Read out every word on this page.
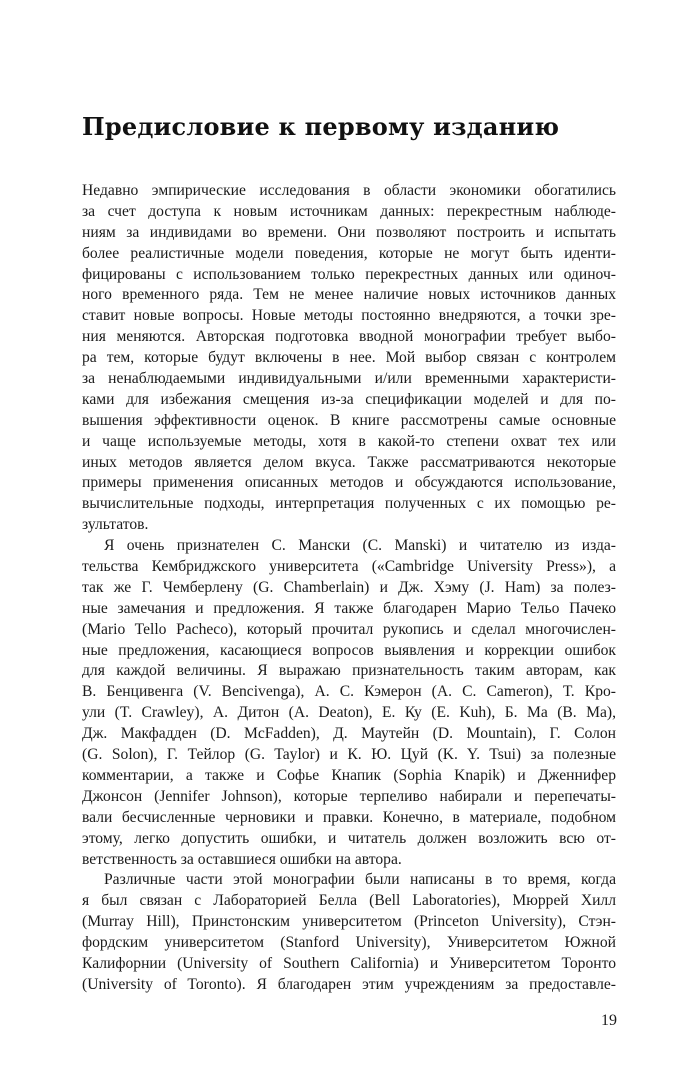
Предисловие к первому изданию

Недавно эмпирические исследования в области экономики обогатились
за счет доступа к новым источникам данных: перекрестным наблюде-
ниям за индивидами во времени. Они позволяют построить и испытать
более реалистичные модели поведения, которые не могут быть иденти-
фицированы с использованием только перекрестных данных или одиноч-
ного временного ряда. Тем не менее наличие новых источников данных
ставит новые вопросы. Новые методы постоянно внедряются, а точки зре-
ния меняются. Авторская подготовка вводной монографии требует выбо-
ра тем, которые будут включены в нее. Мой выбор связан с контролем
за ненаблюдаемыми индивидуальными и/или временными характеристи-
ками для избежания смещения из-за спецификации моделей и для по-
вышения эффективности оценок. В книге рассмотрены самые основные
и чаще используемые методы, хотя в какой-то степени охват тех или
иных методов является делом вкуса. Также рассматриваются некоторые
примеры применения описанных методов и обсуждаются использование,
вычислительные подходы, интерпретация полученных с их помощью ре-
зультатов.

Я очень признателен С. Мански (C. Manski) и читателю из изда-
тельства Кембриджского университета («Cambridge University Press»), а
так же Г. Чемберлену (G. Chamberlain) и Дж. Хэму (J. Ham) за полез-
ные замечания и предложения. Я также благодарен Марио Тельо Пачеко
(Mario Tello Pacheco), который прочитал рукопись и сделал многочислен-
ные предложения, касающиеся вопросов выявления и коррекции ошибок
для каждой величины. Я выражаю признательность таким авторам, как
В. Бенцивенга (V. Bencivenga), А. С. Кэмерон (A. C. Cameron), Т. Кро-
ули (T. Crawley), А. Дитон (A. Deaton), Е. Ку (E. Kuh), Б. Ма (B. Ma),
Дж. Макфадден (D. McFadden), Д. Маутейн (D. Mountain), Г. Солон
(G. Solon), Г. Тейлор (G. Taylor) и К. Ю. Цуй (K. Y. Tsui) за полезные
комментарии, а также и Софье Кнапик (Sophia Knapik) и Дженнифер
Джонсон (Jennifer Johnson), которые терпеливо набирали и перепечаты-
вали бесчисленные черновики и правки. Конечно, в материале, подобном
этому, легко допустить ошибки, и читатель должен возложить всю от-
ветственность за оставшиеся ошибки на автора.

Различные части этой монографии были написаны в то время, когда
я был связан с Лабораторией Белла (Bell Laboratories), Мюррей Хилл
(Murray Hill), Принстонским университетом (Princeton University), Стэн-
фордским университетом (Stanford University), Университетом Южной
Калифорнии (University of Southern California) и Университетом Торонто
(University of Toronto). Я благодарен этим учреждениям за предоставле-

19
